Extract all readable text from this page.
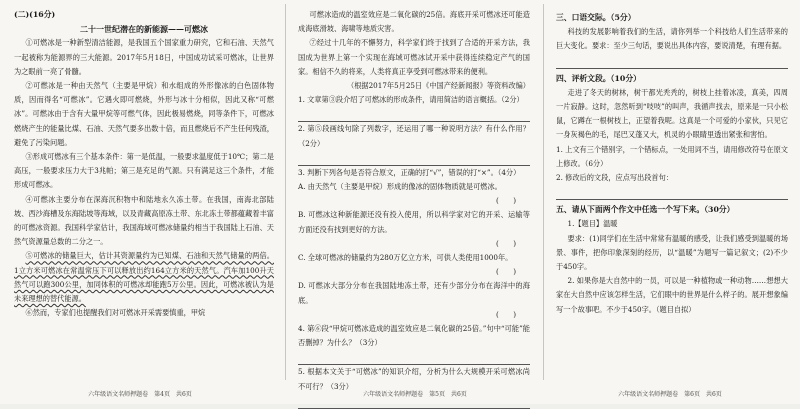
(二)(16分)
二十一世纪潜在的新能源——可燃冰

①可燃冰是一种新型清洁能源，是我国五个国家重力研究，它和石油、天然气一起被称为能源界的三大能源。2017年5月18日，中国成功试采可燃冰，让世界为之眼前一亮了骨髓。

②可燃冰是一种由天然气（主要是甲烷）和水组成的外形像冰的白色固体物质，因而得名“可燃冰”。它遇火即可燃烧，外形与冰十分相似，因此又称“可燃冰”。可燃冰由于含有大量甲烷等可燃气体，因此极易燃烧，同等条件下，可燃冰燃烧产生的能量比煤、石油、天然气要多出数十倍，而且燃烧后不产生任何残渣，避免了污染问题。

③形成可燃冰有三个基本条件：第一是低温，一般要求温度低于10℃；第二是高压，一般要求压力大于3兆帕；第三是充足的气源。只有满足这三个条件，才能形成可燃冰。

④可燃冰主要分布在深海沉积物中和陆地永久冻土带。在我国，南海北部陆坡、西沙海槽及东海陆坡等海域，以及青藏高原冻土带、东北冻土带都蕴藏着丰富的可燃冰资源。我国科学家估计，我国海域可燃冰储量约相当于我国陆上石油、天然气资源量总数的二分之一。

⑤可燃冰的储量巨大，估计其资源量约为已知煤、石油和天然气储量的两倍。1立方米可燃冰在常温常压下可以释放出约164立方米的天然气。汽车加100升天然气可以跑300公里，加同体积的可燃冰却能跑5万公里。因此，可燃冰被认为是未来理想的替代能源。

⑥然而，专家们也提醒我们对可燃冰开采需要慎重，甲烷

六年级语文名师押题卷　第4页　共6页

可燃冰造成的温室效应是二氧化碳的25倍。海底开采可燃冰还可能造成海底滑坡、海啸等地质灾害。

⑦经过十几年的不懈努力，科学家们终于找到了合适的开采方法，我国成为世界上第一个实现在海域可燃冰试开采中获得连续稳定产气的国家。相信不久的将来，人类将真正享受到可燃冰带来的便利。

（根据2017年5月25日《中国产经新闻报》等资料改编）
1. 文章第③段介绍了可燃冰的形成条件，请用简洁的语言概括。（2分）
2. 第⑤段画线句除了列数字，还运用了哪一种说明方法？有什么作用？（2分）
3. 判断下列各句是否符合原文，正确的打“√”，错误的打“×”。（4分）
A. 由天然气（主要是甲烷）形成的像冰的固体物质就是可燃冰。
(　　)
B. 可燃冰这种新能源还没有投入使用，所以科学家对它的开采、运输等方面还没有找到更好的方法。
(　　)
C. 全球可燃冰的储量约为280万亿立方米，可供人类使用1000年。
(　　)
D. 可燃冰大部分分布在我国陆地冻土带，还有少部分分布在海洋中的海底。
(　　)
4. 第⑥段“甲烷可燃冰造成的温室效应是二氧化碳的25倍。”句中“可能”能否删掉？为什么？（3分）
5. 根据本文关于“可燃冰”的知识介绍，分析为什么大规模开采可燃冰尚不可行？（3分）
六年级语文名师押题卷　第5页　共6页
三、口语交际。（5分）

科技的发展影响着我们的生活，请你列举一个科技给人们生活带来的巨大变化。要求：至少三句话，要说出具体内容，要说清楚，有理有据。

四、评析文段。（10分）

走进了冬天的树林，树干都光秃秃的，树枝上挂着冰凌，真美，四周一片寂静。这时，忽然听到“吱吱”的叫声，我循声找去，原来是一只小松鼠，它蹲在一根树枝上，正望着我呢。这真是一个可爱的小家伙，只见它一身灰褐色的毛，尾巴又蓬又大，机灵的小眼睛里透出紧张和害怕。

1. 上文有三个错别字，一个错标点，一处用词不当，请用修改符号在原文上修改。（6分）
2. 修改后的文段，应点写出段首句：
五、请从下面两个作文中任选一个写下来。（30分）
1.【题目】温暖

要求：(1)同学们在生活中常常有温暖的感受，让我们感受到温暖的场景、事件，把你印象深刻的经历，以“温暖”为题写一篇记叙文；(2)不少于450字。

2. 如果你是大自然中的一员，可以是一种植物或一种动物……想想大家在大自然中应该怎样生活，它们眼中的世界是什么样子的。展开想象编写一个故事吧。不少于450字。（题目自拟）

六年级语文名师押题卷　第6页　共6页
